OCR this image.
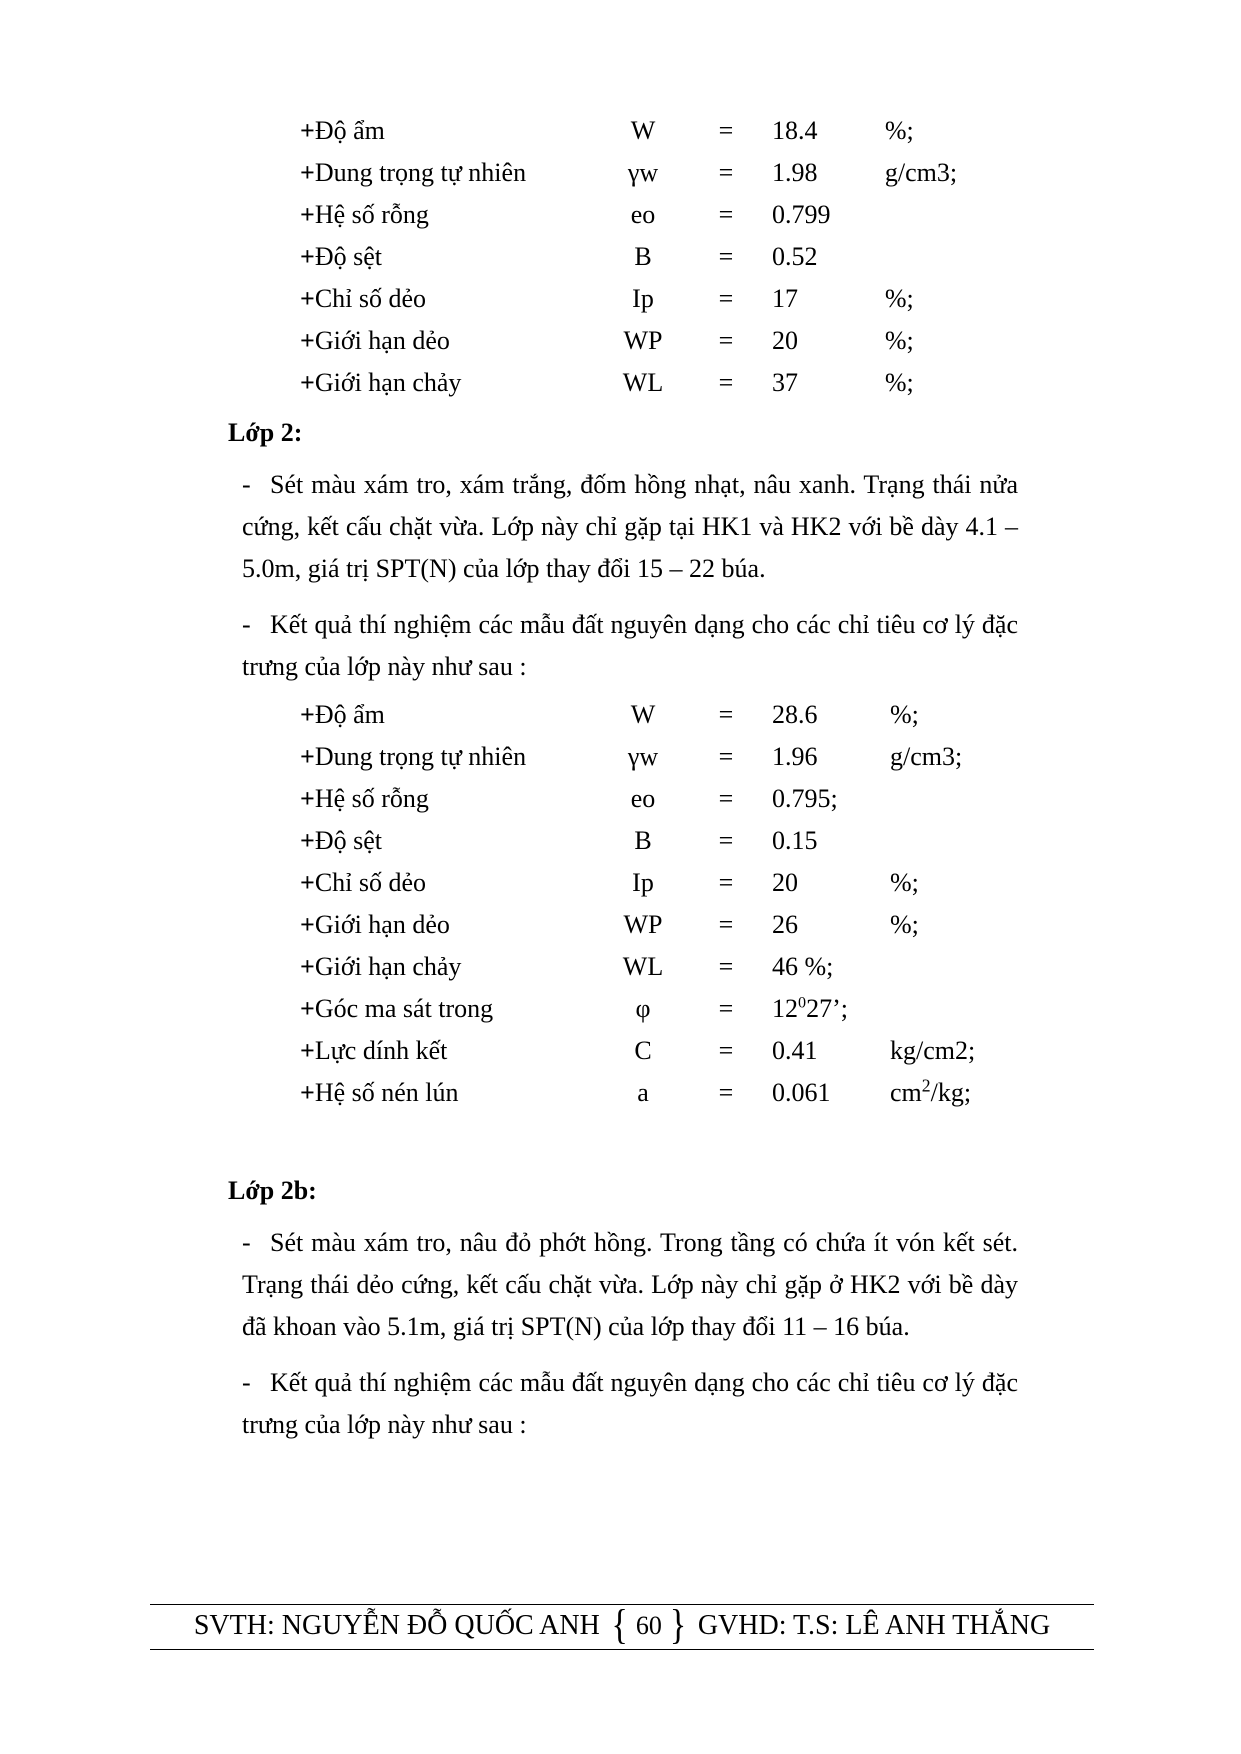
+Độ ẩm	W	=	18.4	%;
+Dung trọng tự nhiên	γw	=	1.98	g/cm3;
+Hệ số rỗng	eo	=	0.799	
+Độ sệt	B	=	0.52	
+Chỉ số dẻo	Ip	=	17	%;
+Giới hạn dẻo	WP	=	20	%;
+Giới hạn chảy	WL	=	37	%;
Lớp 2:

- Sét màu xám tro, xám trắng, đốm hồng nhạt, nâu xanh. Trạng thái nửa cứng, kết cấu chặt vừa. Lớp này chỉ gặp tại HK1 và HK2 với bề dày 4.1 – 5.0m, giá trị SPT(N) của lớp thay đổi 15 – 22 búa.

- Kết quả thí nghiệm các mẫu đất nguyên dạng cho các chỉ tiêu cơ lý đặc trưng của lớp này như sau :

+Độ ẩm	W	=	28.6	%;
+Dung trọng tự nhiên	γw	=	1.96	g/cm3;
+Hệ số rỗng	eo	=	0.795;	
+Độ sệt	B	=	0.15	
+Chỉ số dẻo	Ip	=	20	%;
+Giới hạn dẻo	WP	=	26	%;
+Giới hạn chảy	WL	=	46 %;	
+Góc ma sát trong	φ	=	$12^027$’;	
+Lực dính kết	C	=	0.41	kg/cm2;
+Hệ số nén lún	a	=	0.061	$cm^2/kg$;
Lớp 2b:

- Sét màu xám tro, nâu đỏ phớt hồng. Trong tầng có chứa ít vón kết sét. Trạng thái dẻo cứng, kết cấu chặt vừa. Lớp này chỉ gặp ở HK2 với bề dày đã khoan vào 5.1m, giá trị SPT(N) của lớp thay đổi 11 – 16 búa.

- Kết quả thí nghiệm các mẫu đất nguyên dạng cho các chỉ tiêu cơ lý đặc trưng của lớp này như sau :

SVTH: NGUYỄN ĐỖ QUỐC ANH { 60 } GVHD: T.S: LÊ ANH THẮNG
